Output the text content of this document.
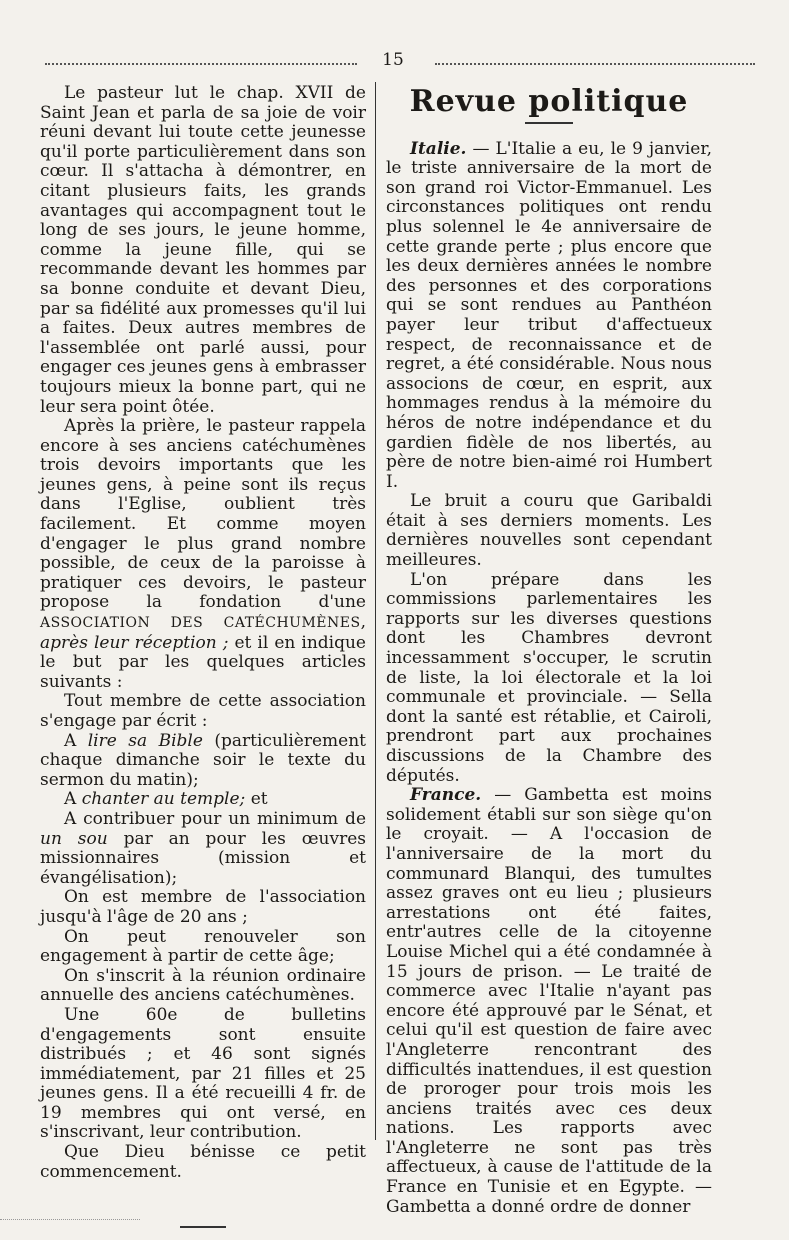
15

Le pasteur lut le chap. XVII de Saint Jean et parla de sa joie de voir réuni devant lui toute cette jeunesse qu'il porte particulièrement dans son cœur. Il s'attacha à démontrer, en citant plusieurs faits, les grands avantages qui accompagnent tout le long de ses jours, le jeune homme, comme la jeune fille, qui se recommande devant les hommes par sa bonne conduite et devant Dieu, par sa fidélité aux promesses qu'il lui a faites. Deux autres membres de l'assemblée ont parlé aussi, pour engager ces jeunes gens à embrasser toujours mieux la bonne part, qui ne leur sera point ôtée.

Après la prière, le pasteur rappela encore à ses anciens catéchumènes trois devoirs importants que les jeunes gens, à peine sont ils reçus dans l'Eglise, oublient très facilement. Et comme moyen d'engager le plus grand nombre possible, de ceux de la paroisse à pratiquer ces devoirs, le pasteur propose la fondation d'une ASSOCIATION DES CATÉCHUMÈNES, après leur réception ; et il en indique le but par les quelques articles suivants :

Tout membre de cette association s'engage par écrit :

A lire sa Bible (particulièrement chaque dimanche soir le texte du sermon du matin);

A chanter au temple; et

A contribuer pour un minimum de un sou par an pour les œuvres missionnaires (mission et évangélisation);

On est membre de l'association jusqu'à l'âge de 20 ans ;

On peut renouveler son engagement à partir de cette âge;

On s'inscrit à la réunion ordinaire annuelle des anciens catéchumènes.

Une 60e de bulletins d'engagements sont ensuite distribués ; et 46 sont signés immédiatement, par 21 filles et 25 jeunes gens. Il a été recueilli 4 fr. de 19 membres qui ont versé, en s'inscrivant, leur contribution.

Que Dieu bénisse ce petit commencement.

Revue politique

Italie. — L'Italie a eu, le 9 janvier, le triste anniversaire de la mort de son grand roi Victor-Emmanuel. Les circonstances politiques ont rendu plus solennel le 4e anniversaire de cette grande perte ; plus encore que les deux dernières années le nombre des personnes et des corporations qui se sont rendues au Panthéon payer leur tribut d'affectueux respect, de reconnaissance et de regret, a été considérable. Nous nous associons de cœur, en esprit, aux hommages rendus à la mémoire du héros de notre indépendance et du gardien fidèle de nos libertés, au père de notre bien-aimé roi Humbert I.

Le bruit a couru que Garibaldi était à ses derniers moments. Les dernières nouvelles sont cependant meilleures.

L'on prépare dans les commissions parlementaires les rapports sur les diverses questions dont les Chambres devront incessamment s'occuper, le scrutin de liste, la loi électorale et la loi communale et provinciale. — Sella dont la santé est rétablie, et Cairoli, prendront part aux prochaines discussions de la Chambre des députés.

France. — Gambetta est moins solidement établi sur son siège qu'on le croyait. — A l'occasion de l'anniversaire de la mort du communard Blanqui, des tumultes assez graves ont eu lieu ; plusieurs arrestations ont été faites, entr'autres celle de la citoyenne Louise Michel qui a été condamnée à 15 jours de prison. — Le traité de commerce avec l'Italie n'ayant pas encore été approuvé par le Sénat, et celui qu'il est question de faire avec l'Angleterre rencontrant des difficultés inattendues, il est question de proroger pour trois mois les anciens traités avec ces deux nations. Les rapports avec l'Angleterre ne sont pas très affectueux, à cause de l'attitude de la France en Tunisie et en Egypte. — Gambetta a donné ordre de donner
